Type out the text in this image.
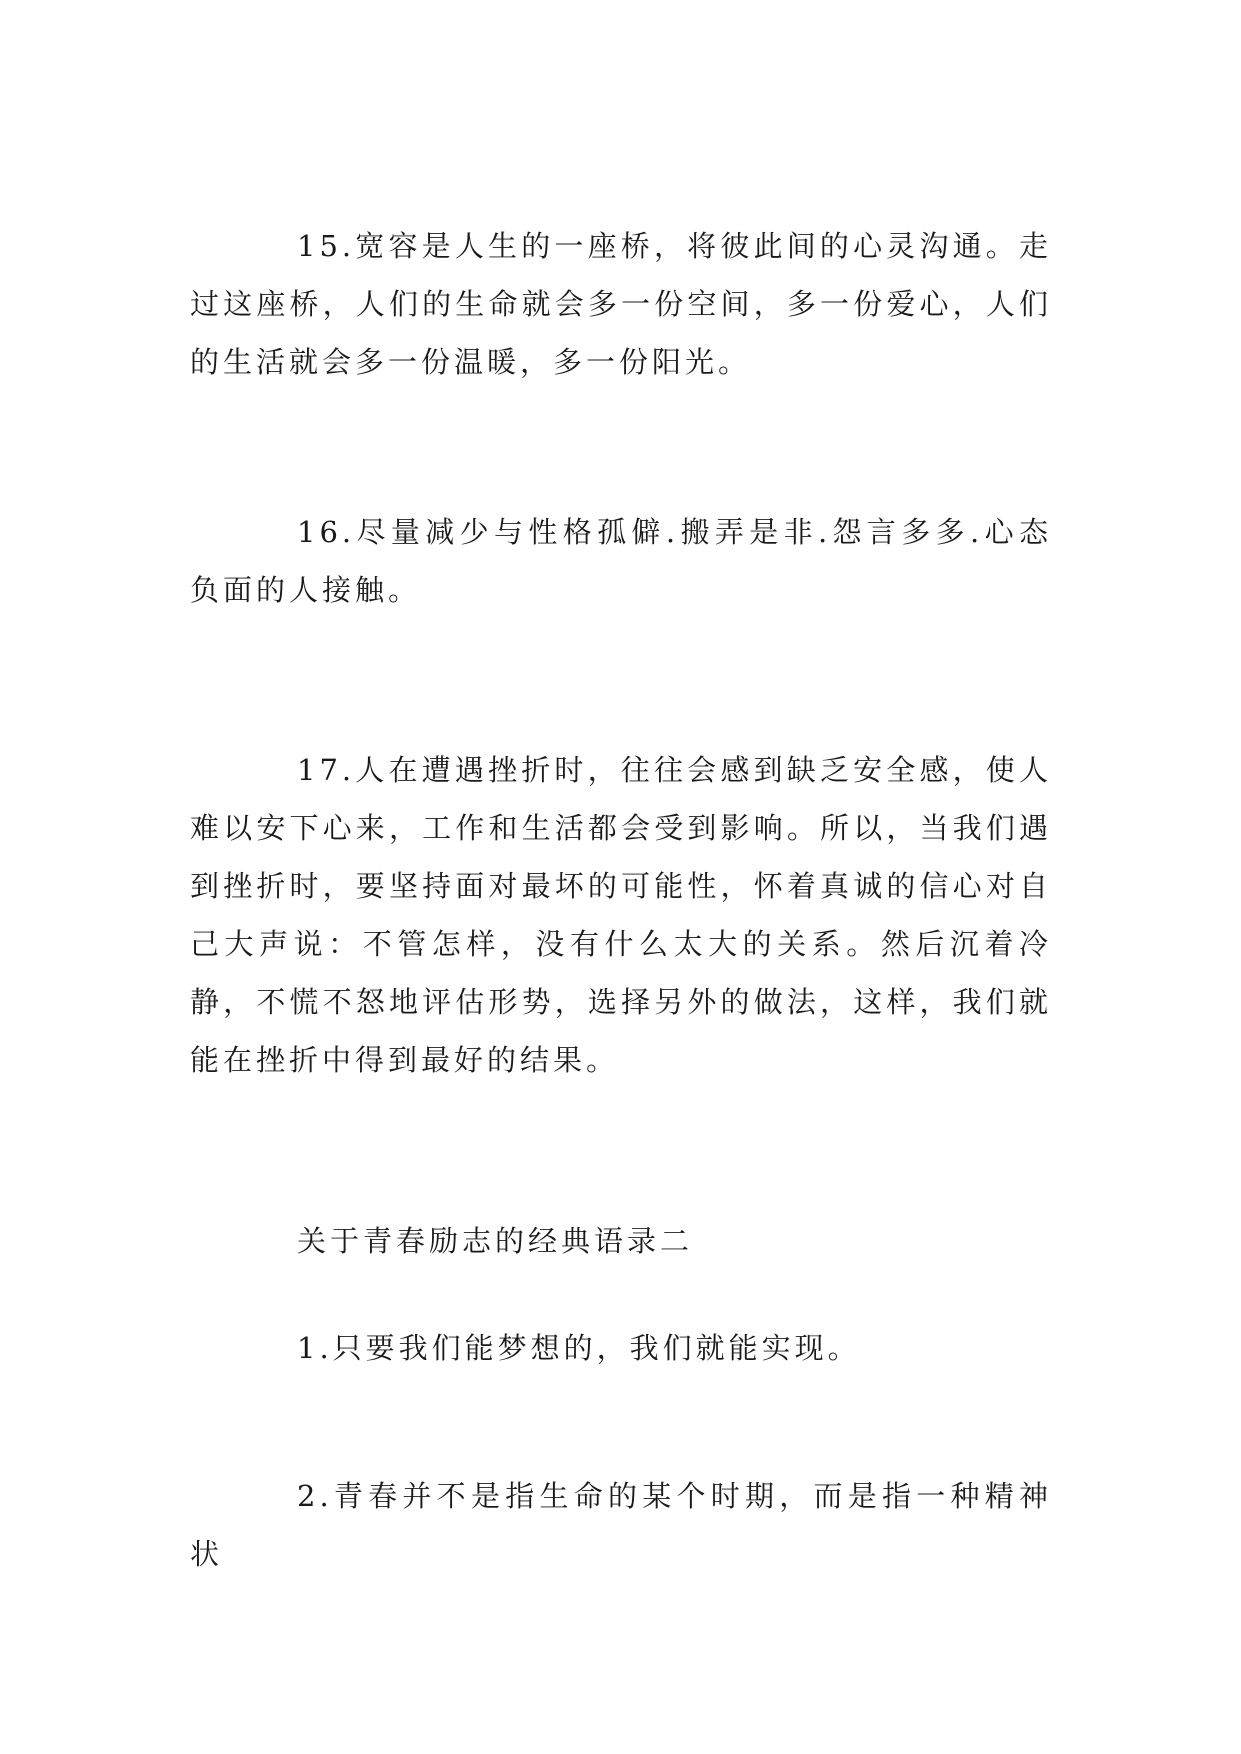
15.宽容是人生的一座桥，将彼此间的心灵沟通。走过这座桥，人们的生命就会多一份空间，多一份爱心，人们的生活就会多一份温暖，多一份阳光。

16.尽量减少与性格孤僻.搬弄是非.怨言多多.心态负面的人接触。

17.人在遭遇挫折时，往往会感到缺乏安全感，使人难以安下心来，工作和生活都会受到影响。所以，当我们遇到挫折时，要坚持面对最坏的可能性，怀着真诚的信心对自己大声说：不管怎样，没有什么太大的关系。然后沉着冷静，不慌不怒地评估形势，选择另外的做法，这样，我们就能在挫折中得到最好的结果。

关于青春励志的经典语录二

1.只要我们能梦想的，我们就能实现。

2.青春并不是指生命的某个时期，而是指一种精神状
